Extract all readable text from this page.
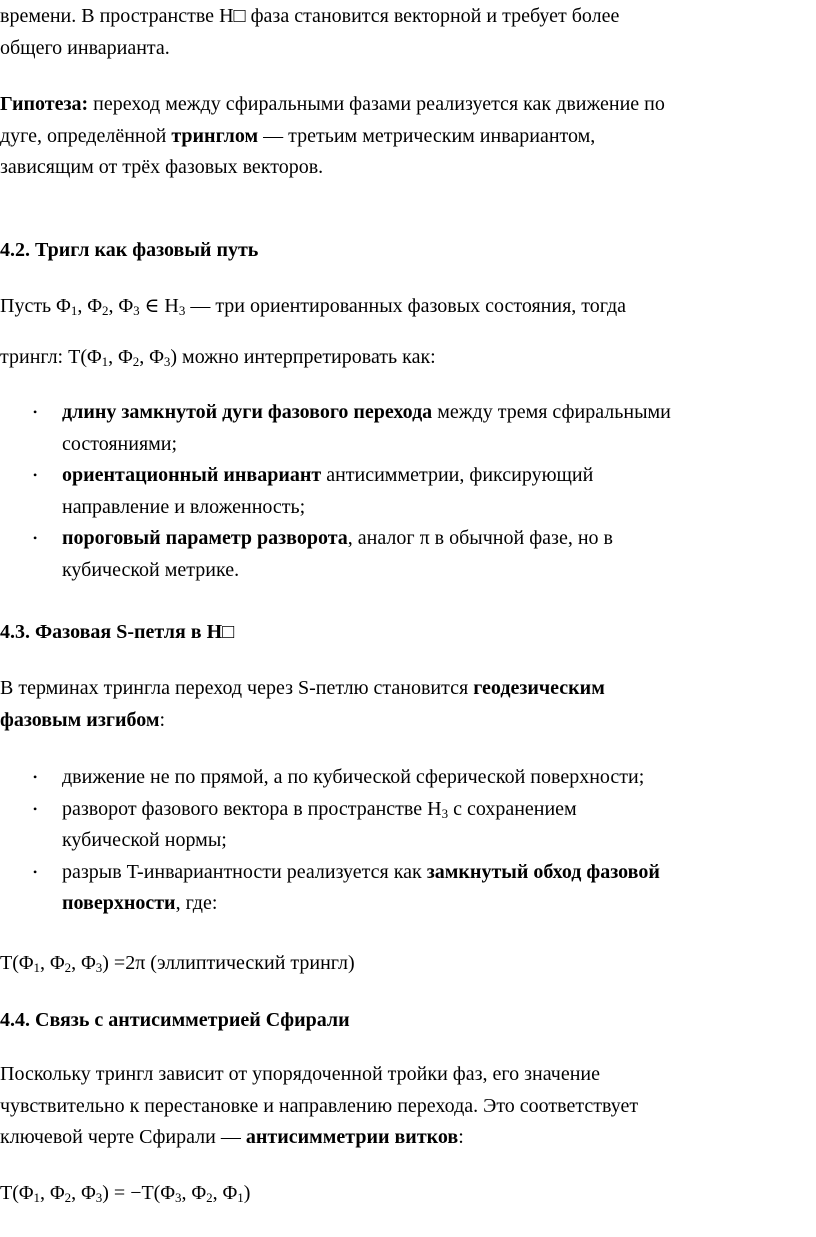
времени. В пространстве H□ фаза становится векторной и требует более

общего инварианта.

Гипотеза: переход между сфиральными фазами реализуется как движение по

дуге, определённой тринглом — третьим метрическим инвариантом,

зависящим от трёх фазовых векторов.

4.2. Тригл как фазовый путь

Пусть $\Phi_1$, $\Phi_2$, $\Phi_3$ ∈ $H_3$ — три ориентированных фазовых состояния, тогда

трингл: $T(\Phi_1$, $\Phi_2$, $\Phi_3$) можно интерпретировать как:

• длину замкнутой дуги фазового перехода между тремя сфиральными
состояниями;
• ориентационный инвариант антисимметрии, фиксирующий
направление и вложенность;
• пороговый параметр разворота, аналог π в обычной фазе, но в
кубической метрике.
4.3. Фазовая S-петля в H□

В терминах трингла переход через S-петлю становится геодезическим

фазовым изгибом:

• движение не по прямой, а по кубической сферической поверхности;
• разворот фазового вектора в пространстве $H_3$ с сохранением
кубической нормы;
• разрыв T-инвариантности реализуется как замкнутый обход фазовой
поверхности, где:

$T(\Phi_1$, $\Phi_2$, $\Phi_3) =2\pi$ (эллиптический трингл)

4.4. Связь с антисимметрией Сфирали

Поскольку трингл зависит от упорядоченной тройки фаз, его значение

чувствительно к перестановке и направлению перехода. Это соответствует

ключевой черте Сфирали — антисимметрии витков:

$T(\Phi_1$, $\Phi_2$, $\Phi_3) = -T(\Phi_3$, $\Phi_2$, $\Phi_1$)
